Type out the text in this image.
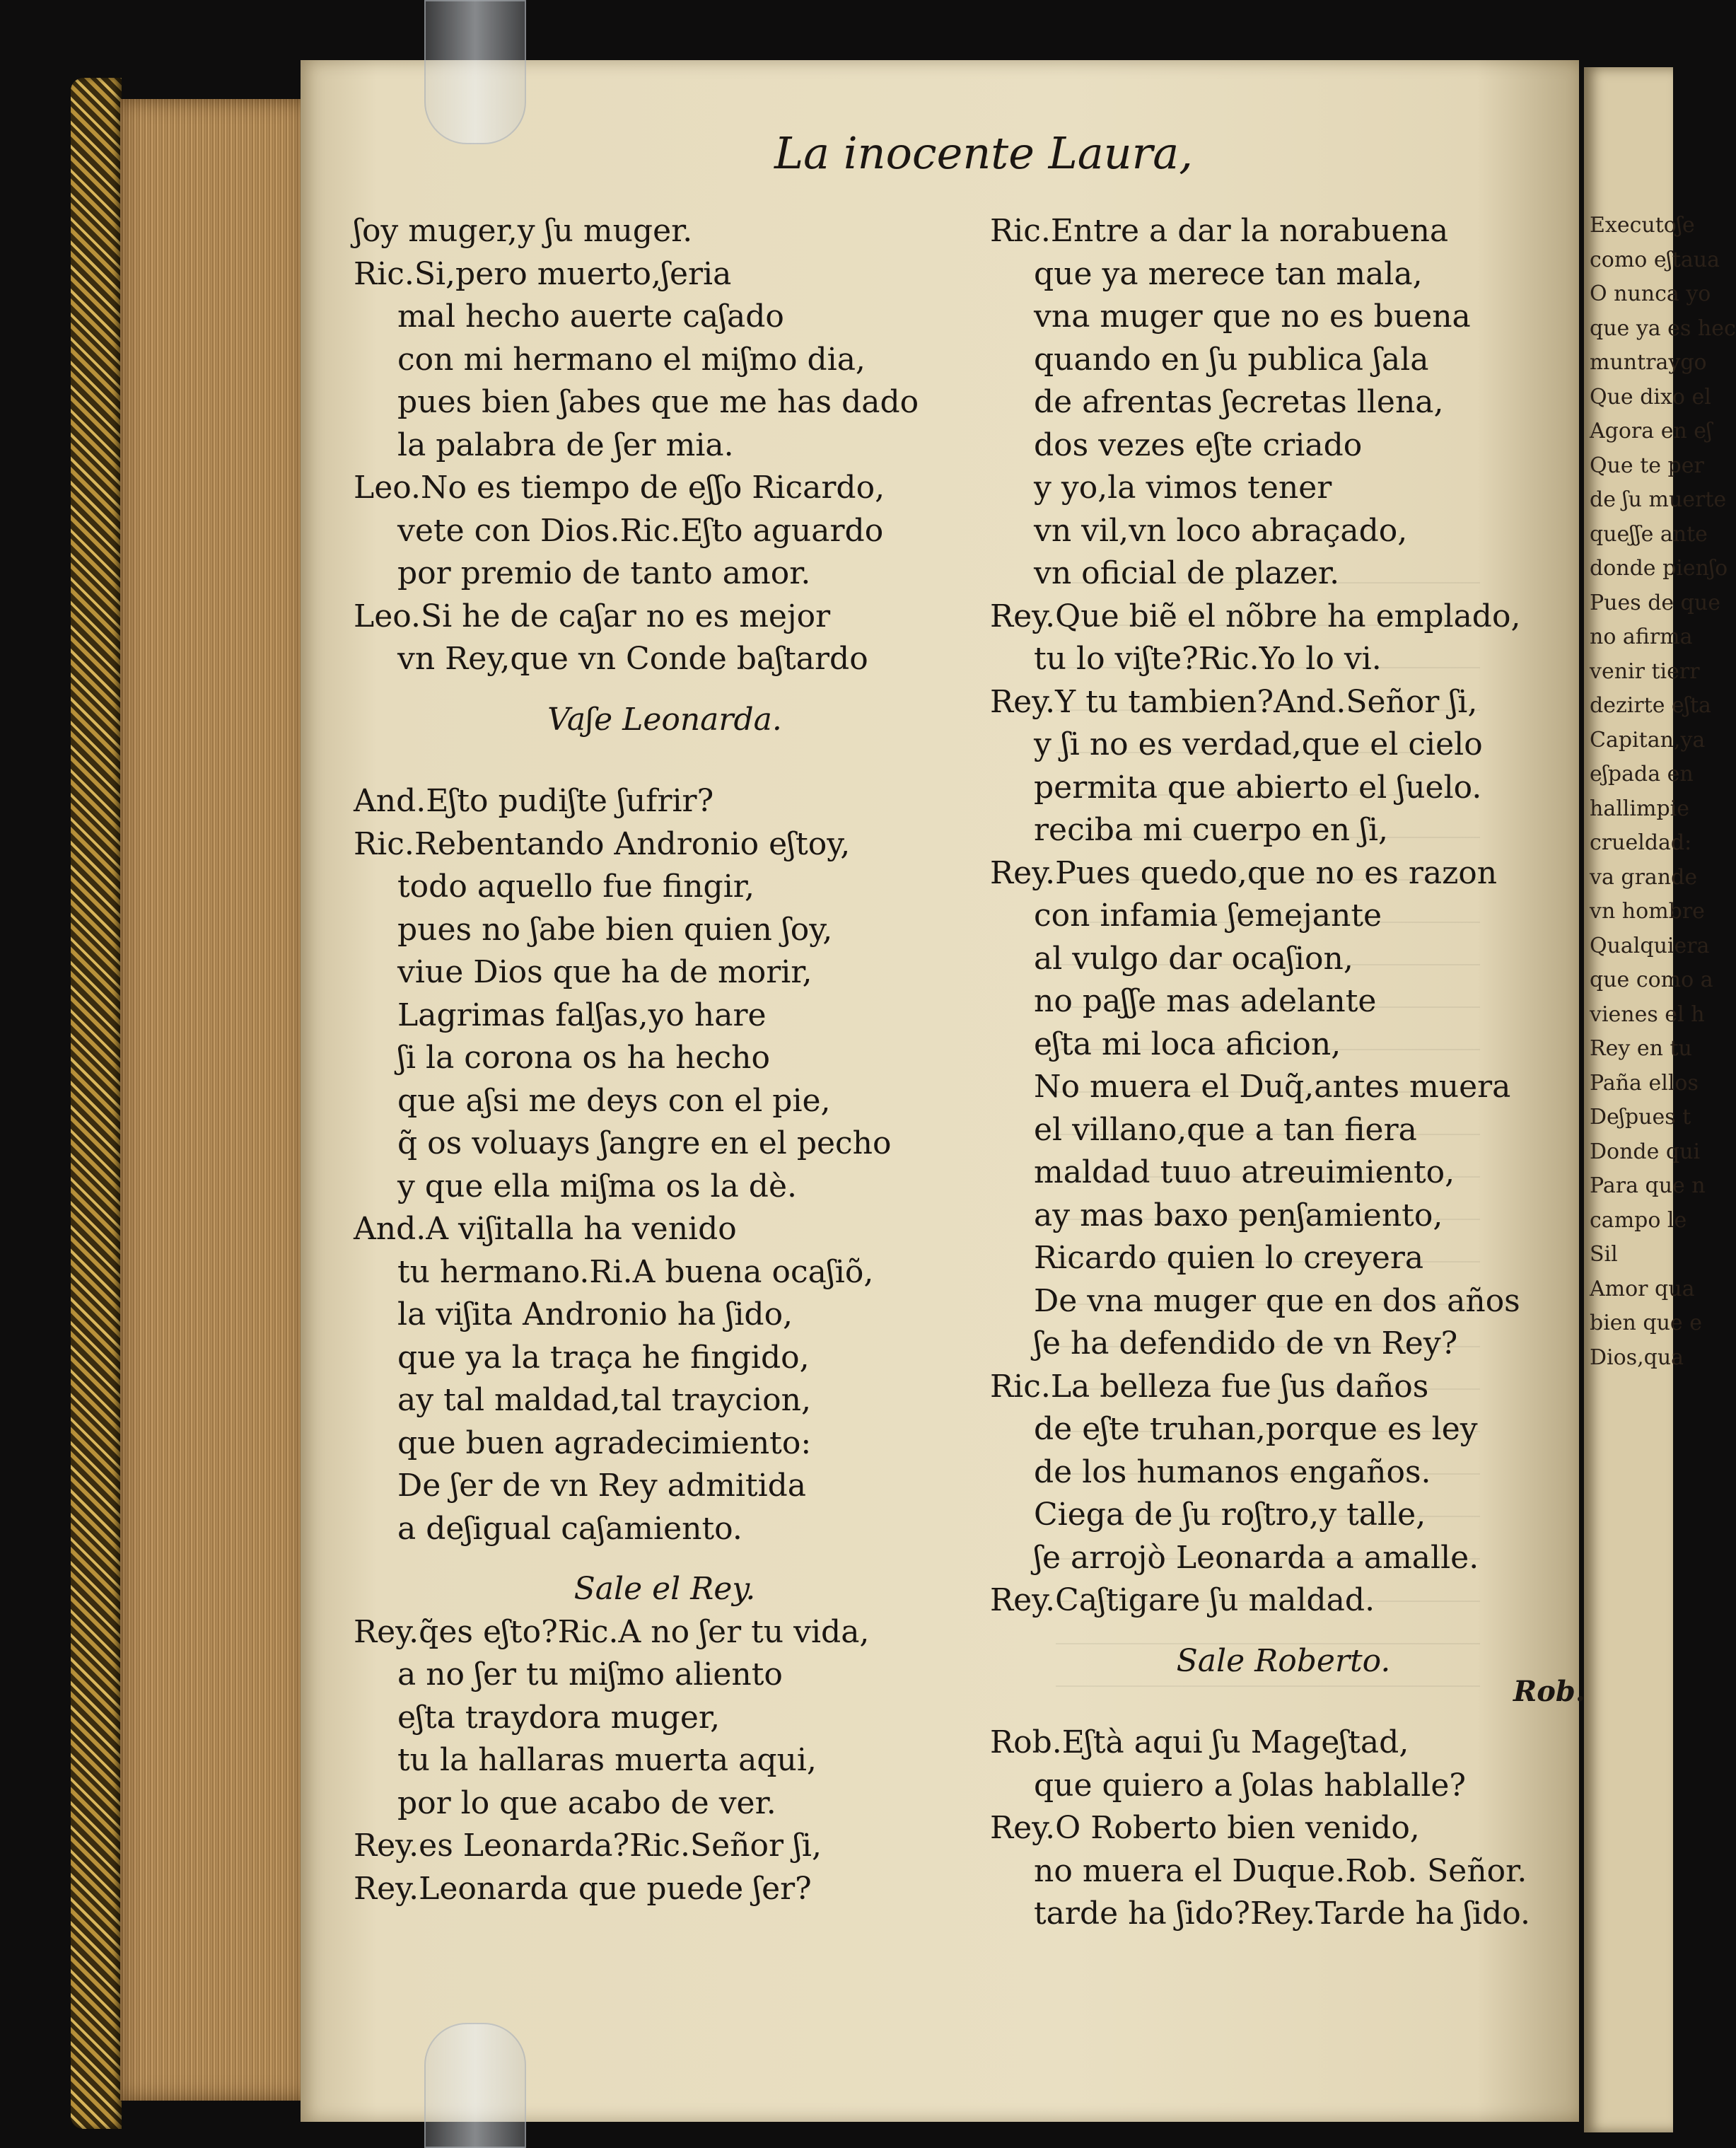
Executoʃe
como eʃtaua
O nunca yo
que ya es hec
muntraygo
Que dixo el
Agora en eʃ
Que te per
de ʃu muerte
queʃʃe ante
donde pienʃo
Pues de que
no afirma
venir tierr
dezirte eʃta
Capitan,ya
eʃpada en
hallimpie
crueldad:
va grande
vn hombre
Qualquiera
que como a
vienes el h
Rey en tu
Paña ellos
Deʃpues t
Donde qui
Para que n
campo le
Sil
Amor qua
bien que e
Dios,qua
La inocente Laura,
ʃoy muger,y ʃu muger.
Ric.Si,pero muerto,ʃeria
mal hecho auerte caʃado
con mi hermano el miʃmo dia,
pues bien ʃabes que me has dado
la palabra de ʃer mia.
Leo.No es tiempo de eʃʃo Ricardo,
vete con Dios.Ric.Eʃto aguardo
por premio de tanto amor.
Leo.Si he de caʃar no es mejor
vn Rey,que vn Conde baʃtardo
Vaʃe Leonarda.
And.Eʃto pudiʃte ʃufrir?
Ric.Rebentando Andronio eʃtoy,
todo aquello fue fingir,
pues no ʃabe bien quien ʃoy,
viue Dios que ha de morir,
Lagrimas falʃas,yo hare
ʃi la corona os ha hecho
que aʃsi me deys con el pie,
q̃ os voluays ʃangre en el pecho
y que ella miʃma os la dè.
And.A viʃitalla ha venido
tu hermano.Ri.A buena ocaʃiõ,
la viʃita Andronio ha ʃido,
que ya la traça he fingido,
ay tal maldad,tal traycion,
que buen agradecimiento:
De ʃer de vn Rey admitida
a deʃigual caʃamiento.
Sale el Rey.
Rey.q̃es eʃto?Ric.A no ʃer tu vida,
a no ʃer tu miʃmo aliento
eʃta traydora muger,
tu la hallaras muerta aqui,
por lo que acabo de ver.
Rey.es Leonarda?Ric.Señor ʃi,
Rey.Leonarda que puede ʃer?
Ric.Entre a dar la norabuena
que ya merece tan mala,
vna muger que no es buena
quando en ʃu publica ʃala
de afrentas ʃecretas llena,
dos vezes eʃte criado
y yo,la vimos tener
vn vil,vn loco abraçado,
vn oficial de plazer.
Rey.Que biẽ el nõbre ha emplado,
tu lo viʃte?Ric.Yo lo vi.
Rey.Y tu tambien?And.Señor ʃi,
y ʃi no es verdad,que el cielo
permita que abierto el ʃuelo.
reciba mi cuerpo en ʃi,
Rey.Pues quedo,que no es razon
con infamia ʃemejante
al vulgo dar ocaʃion,
no paʃʃe mas adelante
eʃta mi loca aficion,
No muera el Duq̃,antes muera
el villano,que a tan fiera
maldad tuuo atreuimiento,
ay mas baxo penʃamiento,
Ricardo quien lo creyera
De vna muger que en dos años
ʃe ha defendido de vn Rey?
Ric.La belleza fue ʃus daños
de eʃte truhan,porque es ley
de los humanos engaños.
Ciega de ʃu roʃtro,y talle,
ʃe arrojò Leonarda a amalle.
Rey.Caʃtigare ʃu maldad.
Sale Roberto.
Rob.Eʃtà aqui ʃu Mageʃtad,
que quiero a ʃolas hablalle?
Rey.O Roberto bien venido,
no muera el Duque.Rob. Señor.
tarde ha ʃido?Rey.Tarde ha ʃido.
Rob.
